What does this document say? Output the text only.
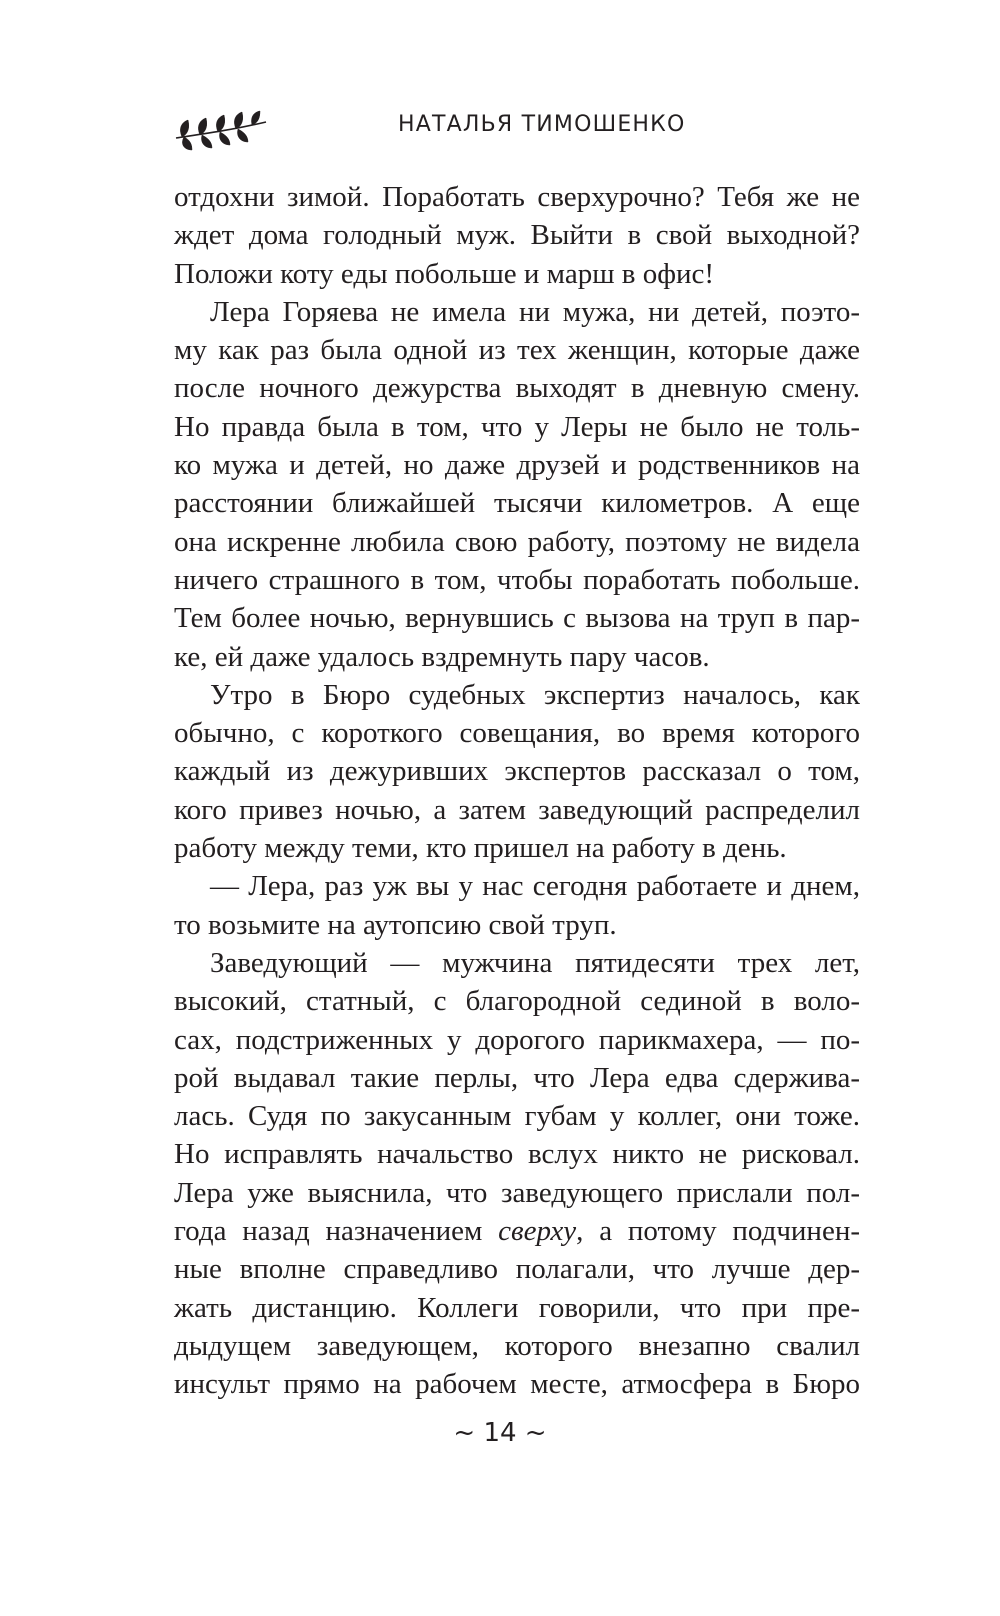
НАТАЛЬЯ ТИМОШЕНКО
отдохни зимой. Поработать сверхурочно? Тебя же не
ждет дома голодный муж. Выйти в свой выходной?
Положи коту еды побольше и марш в офис!
Лера Горяева не имела ни мужа, ни детей, поэто-
му как раз была одной из тех женщин, которые даже
после ночного дежурства выходят в дневную смену.
Но правда была в том, что у Леры не было не толь-
ко мужа и детей, но даже друзей и родственников на
расстоянии ближайшей тысячи километров. А еще
она искренне любила свою работу, поэтому не видела
ничего страшного в том, чтобы поработать побольше.
Тем более ночью, вернувшись с вызова на труп в пар-
ке, ей даже удалось вздремнуть пару часов.
Утро в Бюро судебных экспертиз началось, как
обычно, с короткого совещания, во время которого
каждый из дежуривших экспертов рассказал о том,
кого привез ночью, а затем заведующий распределил
работу между теми, кто пришел на работу в день.
— Лера, раз уж вы у нас сегодня работаете и днем,
то возьмите на аутопсию свой труп.
Заведующий — мужчина пятидесяти трех лет,
высокий, статный, с благородной сединой в воло-
сах, подстриженных у дорогого парикмахера, — по-
рой выдавал такие перлы, что Лера едва сдержива-
лась. Судя по закусанным губам у коллег, они тоже.
Но исправлять начальство вслух никто не рисковал.
Лера уже выяснила, что заведующего прислали пол-
года назад назначением сверху, а потому подчинен-
ные вполне справедливо полагали, что лучше дер-
жать дистанцию. Коллеги говорили, что при пре-
дыдущем заведующем, которого внезапно свалил
инсульт прямо на рабочем месте, атмосфера в Бюро
~ 14 ~
